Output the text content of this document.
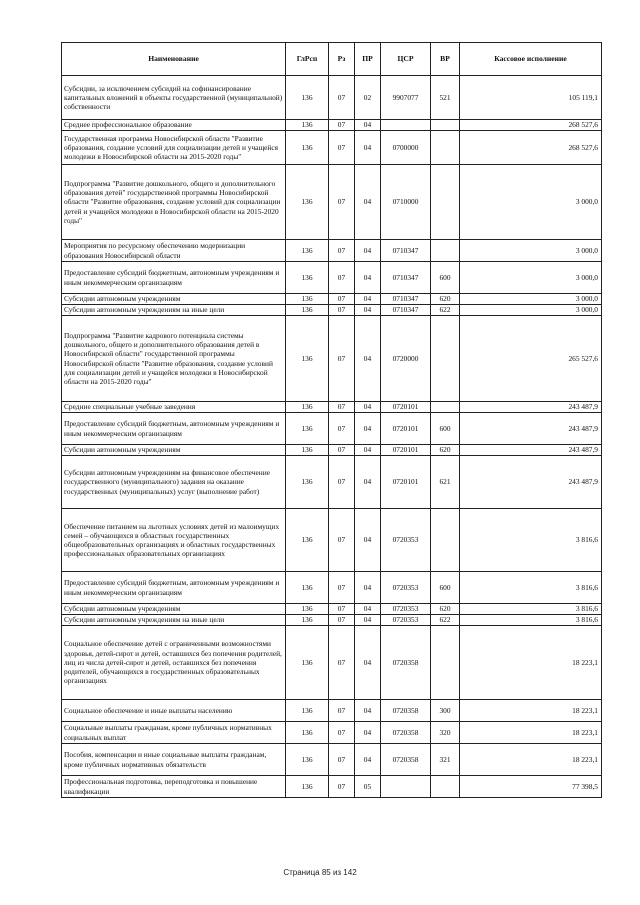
Наименование	ГлРсп	Рз	ПР	ЦСР	ВР	Кассовое исполнение
Субсидии, за исключением субсидий на софинансирование капитальных вложений в объекты государственной (муниципальной) собственности	136	07	02	9907077	521	105 119,1
Среднее профессиональное образование	136	07	04			268 527,6
Государственная программа Новосибирской области "Развитие образования, создание условий для социализации детей и учащейся молодежи в Новосибирской области на 2015-2020 годы"	136	07	04	0700000		268 527,6
Подпрограмма "Развитие дошкольного, общего и дополнительного образования детей" государственной программы Новосибирской области "Развитие образования, создание условий для социализации детей и учащейся молодежи в Новосибирской области на 2015-2020 годы"	136	07	04	0710000		3 000,0
Мероприятия по ресурсному обеспечению модернизации образования Новосибирской области	136	07	04	0710347		3 000,0
Предоставление субсидий бюджетным, автономным учреждениям и иным некоммерческим организациям	136	07	04	0710347	600	3 000,0
Субсидии автономным учреждениям	136	07	04	0710347	620	3 000,0
Субсидии автономным учреждениям на иные цели	136	07	04	0710347	622	3 000,0
Подпрограмма "Развитие кадрового потенциала системы дошкольного, общего и дополнительного образования детей в Новосибирской области" государственной программы Новосибирской области "Развитие образования, создание условий для социализации детей и учащейся молодежи в Новосибирской области на 2015-2020 годы"	136	07	04	0720000		265 527,6
Средние специальные учебные заведения	136	07	04	0720101		243 487,9
Предоставление субсидий бюджетным, автономным учреждениям и иным некоммерческим организациям	136	07	04	0720101	600	243 487,9
Субсидии автономным учреждениям	136	07	04	0720101	620	243 487,9
Субсидии автономным учреждениям на финансовое обеспечение государственного (муниципального) задания на оказание государственных (муниципальных) услуг (выполнение работ)	136	07	04	0720101	621	243 487,9
Обеспечение питанием на льготных условиях детей из малоимущих семей – обучающихся в областных государственных общеобразовательных организациях и областных государственных профессиональных образовательных организациях	136	07	04	0720353		3 816,6
Предоставление субсидий бюджетным, автономным учреждениям и иным некоммерческим организациям	136	07	04	0720353	600	3 816,6
Субсидии автономным учреждениям	136	07	04	0720353	620	3 816,6
Субсидии автономным учреждениям на иные цели	136	07	04	0720353	622	3 816,6
Социальное обеспечение детей с ограниченными возможностями здоровья, детей-сирот и детей, оставшихся без попечения родителей, лиц из числа детей-сирот и детей, оставшихся без попечения родителей, обучающихся в государственных образовательных организациях	136	07	04	0720358		18 223,1
Социальное обеспечение и иные выплаты населению	136	07	04	0720358	300	18 223,1
Социальные выплаты гражданам, кроме публичных нормативных социальных выплат	136	07	04	0720358	320	18 223,1
Пособия, компенсации и иные социальные выплаты гражданам, кроме публичных нормативных обязательств	136	07	04	0720358	321	18 223,1
Профессиональная подготовка, переподготовка и повышение квалификации	136	07	05			77 398,5
Страница 85 из 142
